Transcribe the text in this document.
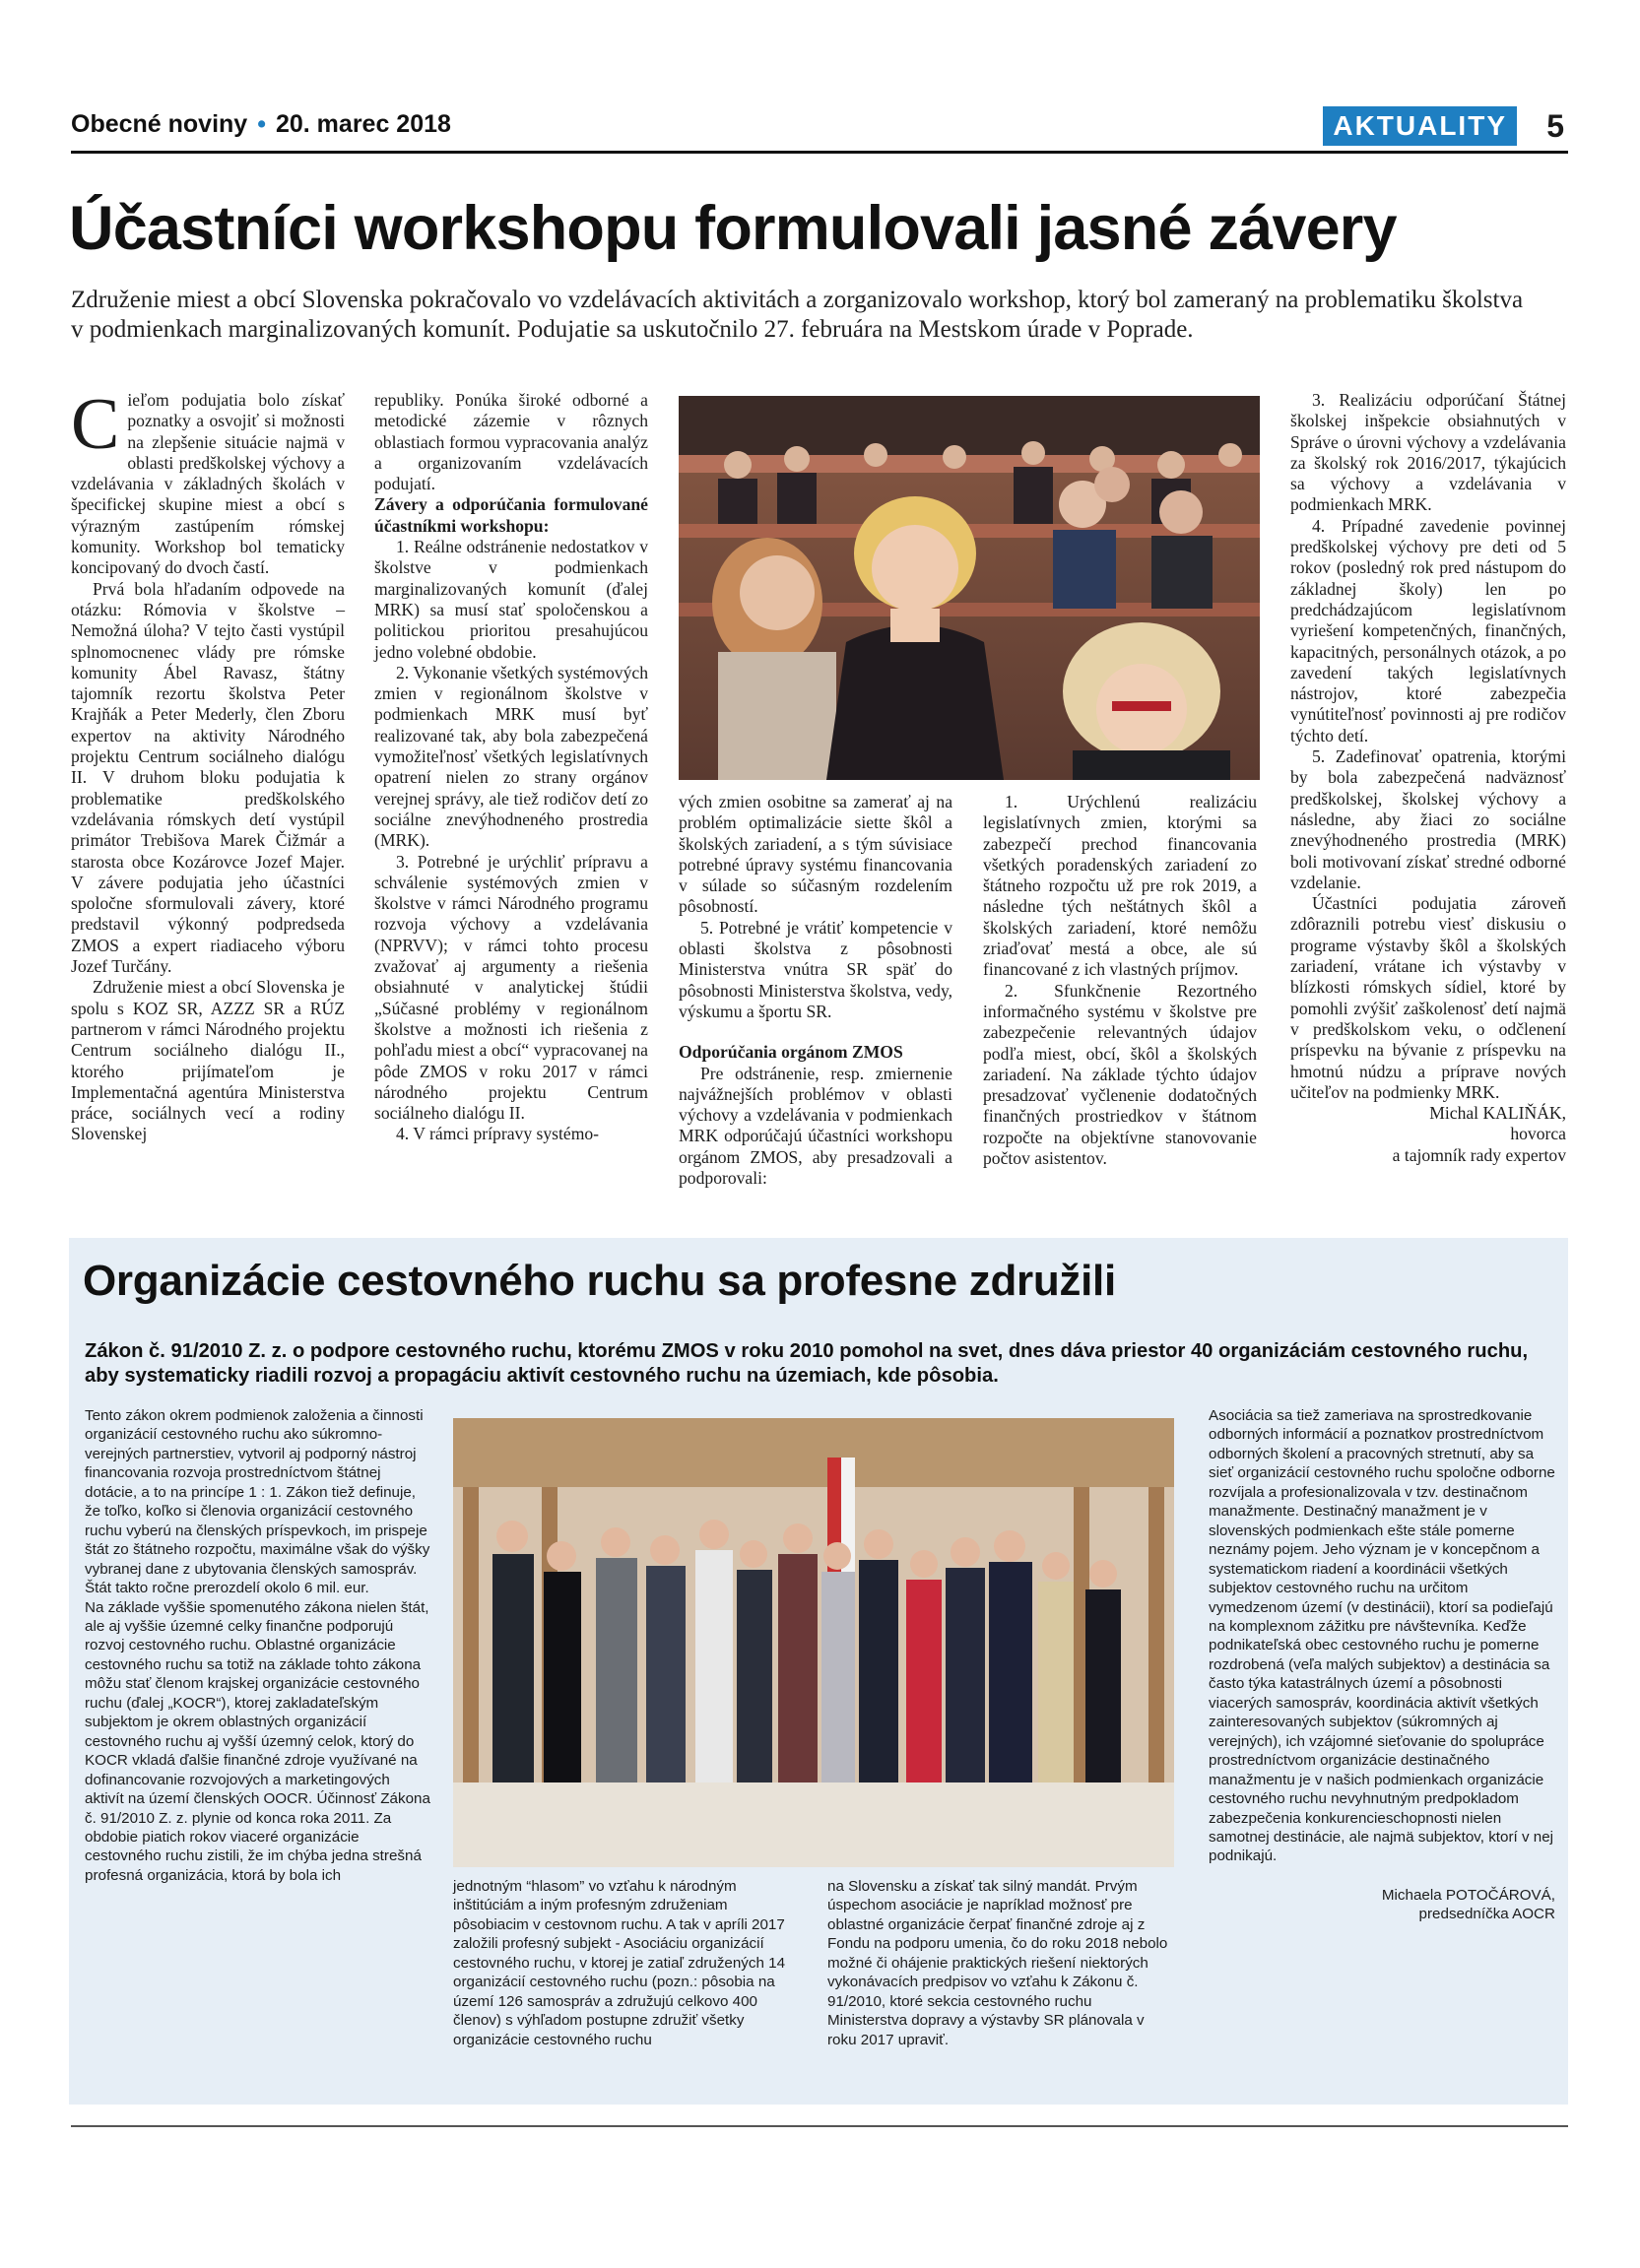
Obecné noviny • 20. marec 2018	AKTUALITY	5
Účastníci workshopu formulovali jasné závery
Združenie miest a obcí Slovenska pokračovalo vo vzdelávacích aktivitách a zorganizovalo workshop, ktorý bol zameraný na problematiku školstva v podmienkach marginalizovaných komunít. Podujatie sa uskutočnilo 27. februára na Mestskom úrade v Poprade.

Cieľom podujatia bolo získať poznatky a osvojiť si možnosti na zlepšenie situácie najmä v oblasti predškolskej výchovy a vzdelávania v základných školách v špecifickej skupine miest a obcí s výrazným zastúpením rómskej komunity. Workshop bol tematicky koncipovaný do dvoch častí.

Prvá bola hľadaním odpovede na otázku: Rómovia v školstve – Nemožná úloha? V tejto časti vystúpil splnomocnenec vlády pre rómske komunity Ábel Ravasz, štátny tajomník rezortu školstva Peter Krajňák a Peter Mederly, člen Zboru expertov na aktivity Národného projektu Centrum sociálneho dialógu II. V druhom bloku podujatia k problematike predškolského vzdelávania rómskych detí vystúpil primátor Trebišova Marek Čižmár a starosta obce Kozárovce Jozef Majer. V závere podujatia jeho účastníci spoločne sformulovali závery, ktoré predstavil výkonný podpredseda ZMOS a expert riadiaceho výboru Jozef Turčány.

Združenie miest a obcí Slovenska je spolu s KOZ SR, AZZZ SR a RÚZ partnerom v rámci Národného projektu Centrum sociálneho dialógu II., ktorého prijímateľom je Implementačná agentúra Ministerstva práce, sociálnych vecí a rodiny Slovenskej

republiky. Ponúka široké odborné a metodické zázemie v rôznych oblastiach formou vypracovania analýz a organizovaním vzdelávacích podujatí.

Závery a odporúčania formulované účastníkmi workshopu:

1. Reálne odstránenie nedostatkov v školstve v podmienkach marginalizovaných komunít (ďalej MRK) sa musí stať spoločenskou a politickou prioritou presahujúcou jedno volebné obdobie.

2. Vykonanie všetkých systémových zmien v regionálnom školstve v podmienkach MRK musí byť realizované tak, aby bola zabezpečená vymožiteľnosť všetkých legislatívnych opatrení nielen zo strany orgánov verejnej správy, ale tiež rodičov detí zo sociálne znevýhodneného prostredia (MRK).

3. Potrebné je urýchliť prípravu a schválenie systémových zmien v školstve v rámci Národného programu rozvoja výchovy a vzdelávania (NPRVV); v rámci tohto procesu zvažovať aj argumenty a riešenia obsiahnuté v analytickej štúdii „Súčasné problémy v regionálnom školstve a možnosti ich riešenia z pohľadu miest a obcí“ vypracovanej na pôde ZMOS v roku 2017 v rámci národného projektu Centrum sociálneho dialógu II.

4. V rámci prípravy systémo-

vých zmien osobitne sa zamerať aj na problém optimalizácie siette škôl a školských zariadení, a s tým súvisiace potrebné úpravy systému financovania v súlade so súčasným rozdelením pôsobností.

5. Potrebné je vrátiť kompetencie v oblasti školstva z pôsobnosti Ministerstva vnútra SR späť do pôsobnosti Ministerstva školstva, vedy, výskumu a športu SR.

Odporúčania orgánom ZMOS

Pre odstránenie, resp. zmiernenie najvážnejších problémov v oblasti výchovy a vzdelávania v podmienkach MRK odporúčajú účastníci workshopu orgánom ZMOS, aby presadzovali a podporovali:

1. Urýchlenú realizáciu legislatívnych zmien, ktorými sa zabezpečí prechod financovania všetkých poradenských zariadení zo štátneho rozpočtu už pre rok 2019, a následne tých neštátnych škôl a školských zariadení, ktoré nemôžu zriaďovať mestá a obce, ale sú financované z ich vlastných príjmov.

2. Sfunkčnenie Rezortného informačného systému v školstve pre zabezpečenie relevantných údajov podľa miest, obcí, škôl a školských zariadení. Na základe týchto údajov presadzovať vyčlenenie dodatočných finančných prostriedkov v štátnom rozpočte na objektívne stanovovanie počtov asistentov.

3. Realizáciu odporúčaní Štátnej školskej inšpekcie obsiahnutých v Správe o úrovni výchovy a vzdelávania za školský rok 2016/2017, týkajúcich sa výchovy a vzdelávania v podmienkach MRK.

4. Prípadné zavedenie povinnej predškolskej výchovy pre deti od 5 rokov (posledný rok pred nástupom do základnej školy) len po predchádzajúcom legislatívnom vyriešení kompetenčných, finančných, kapacitných, personálnych otázok, a po zavedení takých legislatívnych nástrojov, ktoré zabezpečia vynútiteľnosť povinnosti aj pre rodičov týchto detí.

5. Zadefinovať opatrenia, ktorými by bola zabezpečená nadväznosť predškolskej, školskej výchovy a následne, aby žiaci zo sociálne znevýhodneného prostredia (MRK) boli motivovaní získať stredné odborné vzdelanie.

Účastníci podujatia zároveň zdôraznili potrebu viesť diskusiu o programe výstavby škôl a školských zariadení, vrátane ich výstavby v blízkosti rómskych sídiel, ktoré by pomohli zvýšiť zaškolenosť detí najmä v predškolskom veku, o odčlenení príspevku na bývanie z príspevku na hmotnú núdzu a príprave nových učiteľov na podmienky MRK.

Michal KALIŇÁK,

hovorca

a tajomník rady expertov

Organizácie cestovného ruchu sa profesne združili
Zákon č. 91/2010 Z. z. o podpore cestovného ruchu, ktorému ZMOS v roku 2010 pomohol na svet, dnes dáva priestor 40 organizáciám cestovného ruchu, aby systematicky riadili rozvoj a propagáciu aktivít cestovného ruchu na územiach, kde pôsobia.

Tento zákon okrem podmienok založenia a činnosti organizácií cestovného ruchu ako súkromno-verejných partnerstiev, vytvoril aj podporný nástroj financovania rozvoja prostredníctvom štátnej dotácie, a to na princípe 1 : 1. Zákon tiež definuje, že toľko, koľko si členovia organizácií cestovného ruchu vyberú na členských príspevkoch, im prispeje štát zo štátneho rozpočtu, maximálne však do výšky vybranej dane z ubytovania členských samospráv. Štát takto ročne prerozdelí okolo 6 mil. eur.

Na základe vyššie spomenutého zákona nielen štát, ale aj vyššie územné celky finančne podporujú rozvoj cestovného ruchu. Oblastné organizácie cestovného ruchu sa totiž na základe tohto zákona môžu stať členom krajskej organizácie cestovného ruchu (ďalej „KOCR“), ktorej zakladateľským subjektom je okrem oblastných organizácií cestovného ruchu aj vyšší územný celok, ktorý do KOCR vkladá ďalšie finančné zdroje využívané na dofinancovanie rozvojových a marketingových aktivít na území členských OOCR. Účinnosť Zákona č. 91/2010 Z. z. plynie od konca roka 2011. Za obdobie piatich rokov viaceré organizácie cestovného ruchu zistili, že im chýba jedna strešná profesná organizácia, ktorá by bola ich

jednotným “hlasom” vo vzťahu k národným inštitúciám a iným profesným združeniam pôsobiacim v cestovnom ruchu. A tak v apríli 2017 založili profesný subjekt - Asociáciu organizácií cestovného ruchu, v ktorej je zatiaľ združených 14 organizácií cestovného ruchu (pozn.: pôsobia na území 126 samospráv a združujú celkovo 400 členov) s výhľadom postupne združiť všetky organizácie cestovného ruchu

na Slovensku a získať tak silný mandát. Prvým úspechom asociácie je napríklad možnosť pre oblastné organizácie čerpať finančné zdroje aj z Fondu na podporu umenia, čo do roku 2018 nebolo možné či ohájenie praktických riešení niektorých vykonávacích predpisov vo vzťahu k Zákonu č. 91/2010, ktoré sekcia cestovného ruchu Ministerstva dopravy a výstavby SR plánovala v roku 2017 upraviť.

Asociácia sa tiež zameriava na sprostredkovanie odborných informácií a poznatkov prostredníctvom odborných školení a pracovných stretnutí, aby sa sieť organizácií cestovného ruchu spoločne odborne rozvíjala a profesionalizovala v tzv. destinačnom manažmente. Destinačný manažment je v slovenských podmienkach ešte stále pomerne neznámy pojem. Jeho význam je v koncepčnom a systematickom riadení a koordinácii všetkých subjektov cestovného ruchu na určitom vymedzenom území (v destinácii), ktorí sa podieľajú na komplexnom zážitku pre návštevníka. Keďže podnikateľská obec cestovného ruchu je pomerne rozdrobená (veľa malých subjektov) a destinácia sa často týka katastrálnych území a pôsobnosti viacerých samospráv, koordinácia aktivít všetkých zainteresovaných subjektov (súkromných aj verejných), ich vzájomné sieťovanie do spolupráce prostredníctvom organizácie destinačného manažmentu je v našich podmienkach organizácie cestovného ruchu nevyhnutným predpokladom zabezpečenia konkurencieschopnosti nielen samotnej destinácie, ale najmä subjektov, ktorí v nej podnikajú.

Michaela POTOČÁROVÁ,

predsedníčka AOCR
